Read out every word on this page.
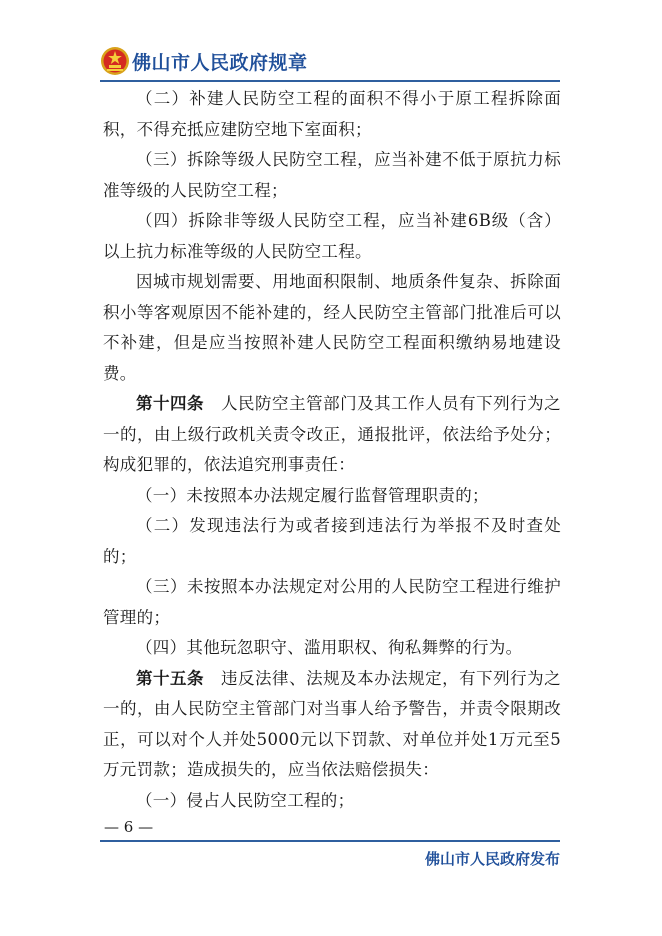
佛山市人民政府规章

（二）补建人民防空工程的面积不得小于原工程拆除面积，不得充抵应建防空地下室面积；

（三）拆除等级人民防空工程，应当补建不低于原抗力标准等级的人民防空工程；

（四）拆除非等级人民防空工程，应当补建6B级（含）以上抗力标准等级的人民防空工程。

因城市规划需要、用地面积限制、地质条件复杂、拆除面积小等客观原因不能补建的，经人民防空主管部门批准后可以不补建，但是应当按照补建人民防空工程面积缴纳易地建设费。

第十四条　人民防空主管部门及其工作人员有下列行为之一的，由上级行政机关责令改正，通报批评，依法给予处分；构成犯罪的，依法追究刑事责任：

（一）未按照本办法规定履行监督管理职责的；

（二）发现违法行为或者接到违法行为举报不及时查处的；

（三）未按照本办法规定对公用的人民防空工程进行维护管理的；

（四）其他玩忽职守、滥用职权、徇私舞弊的行为。

第十五条　违反法律、法规及本办法规定，有下列行为之一的，由人民防空主管部门对当事人给予警告，并责令限期改正，可以对个人并处5000元以下罚款、对单位并处1万元至5万元罚款；造成损失的，应当依法赔偿损失：

（一）侵占人民防空工程的；

— 6 —
佛山市人民政府发布
